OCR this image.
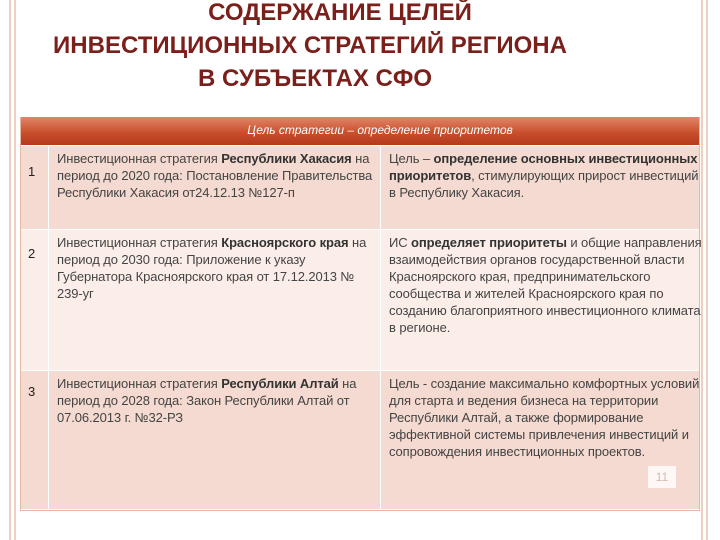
СОДЕРЖАНИЕ ЦЕЛЕЙ
ИНВЕСТИЦИОННЫХ СТРАТЕГИЙ РЕГИОНА
В СУБЪЕКТАХ СФО
Цель стратегии – определение приоритетов
1
Инвестиционная стратегия Республики Хакасия на период до 2020 года: Постановление Правительства Республики Хакасия от24.12.13 №127-п
Цель – определение основных инвестиционных приоритетов, стимулирующих прирост инвестиций в Республику Хакасия.
2
Инвестиционная стратегия Красноярского края на период до 2030 года: Приложение к указу Губернатора Красноярского края от 17.12.2013 № 239-уг
ИС определяет приоритеты и общие направления взаимодействия органов государственной власти Красноярского края, предпринимательского сообщества и жителей Красноярского края по созданию благоприятного инвестиционного климата в регионе.
3
Инвестиционная стратегия Республики Алтай на период до 2028 года: Закон Республики Алтай от 07.06.2013 г. №32-РЗ
Цель - создание максимально комфортных условий для старта и ведения бизнеса на территории Республики Алтай, а также формирование эффективной системы привлечения инвестиций и сопровождения инвестиционных проектов.
11
